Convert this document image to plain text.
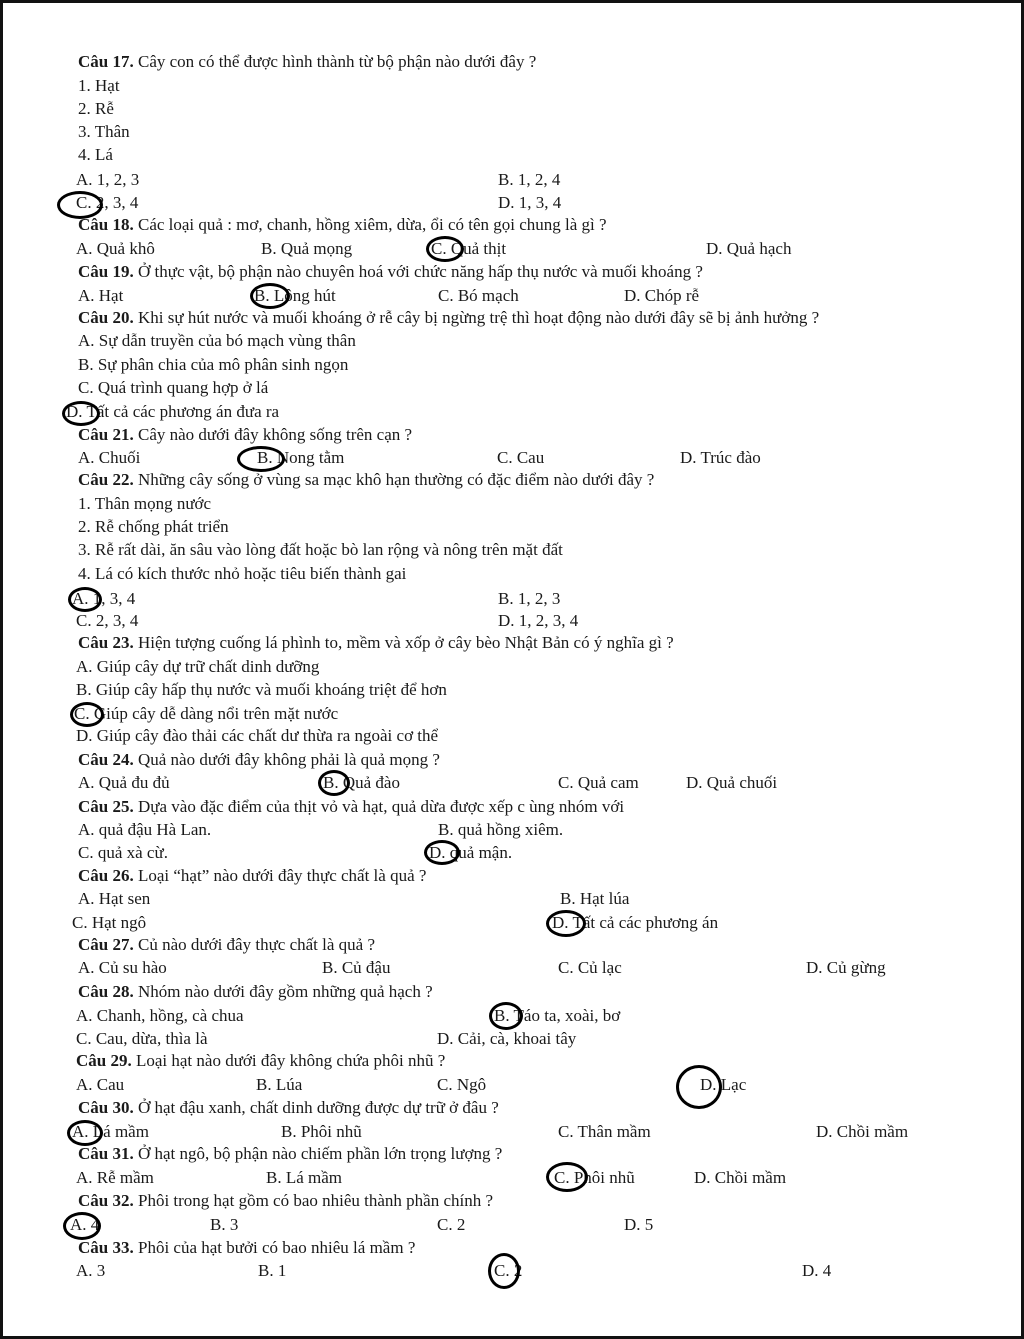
Câu 17. Cây con có thể được hình thành từ bộ phận nào dưới đây ?
1. Hạt
2. Rễ
3. Thân
4. Lá
A. 1, 2, 3	B. 1, 2, 4
C. 2, 3, 4	D. 1, 3, 4
Câu 18. Các loại quả : mơ, chanh, hồng xiêm, dừa, ổi có tên gọi chung là gì ?
A. Quả khô	B. Quả mọng	C. Quả thịt	D. Quả hạch
Câu 19. Ở thực vật, bộ phận nào chuyên hoá với chức năng hấp thụ nước và muối khoáng ?
A. Hạt	B. Lông hút	C. Bó mạch	D. Chóp rễ
Câu 20. Khi sự hút nước và muối khoáng ở rễ cây bị ngừng trệ thì hoạt động nào dưới đây sẽ bị ảnh hưởng ?
A. Sự dẫn truyền của bó mạch vùng thân
B. Sự phân chia của mô phân sinh ngọn
C. Quá trình quang hợp ở lá
D. Tất cả các phương án đưa ra
Câu 21. Cây nào dưới đây không sống trên cạn ?
A. Chuối	B. Nong tằm	C. Cau	D. Trúc đào
Câu 22. Những cây sống ở vùng sa mạc khô hạn thường có đặc điểm nào dưới đây ?
1. Thân mọng nước
2. Rễ chống phát triển
3. Rễ rất dài, ăn sâu vào lòng đất hoặc bò lan rộng và nông trên mặt đất
4. Lá có kích thước nhỏ hoặc tiêu biến thành gai
A. 1, 3, 4	B. 1, 2, 3
C. 2, 3, 4	D. 1, 2, 3, 4
Câu 23. Hiện tượng cuống lá phình to, mềm và xốp ở cây bèo Nhật Bản có ý nghĩa gì ?
A. Giúp cây dự trữ chất dinh dưỡng
B. Giúp cây hấp thụ nước và muối khoáng triệt để hơn
C. Giúp cây dễ dàng nổi trên mặt nước
D. Giúp cây đào thải các chất dư thừa ra ngoài cơ thể
Câu 24. Quả nào dưới đây không phải là quả mọng ?
A. Quả đu đủ	B. Quả đào	C. Quả cam	D. Quả chuối
Câu 25. Dựa vào đặc điểm của thịt vỏ và hạt, quả dừa được xếp c ùng nhóm với
A. quả đậu Hà Lan.	B. quả hồng xiêm.
C. quả xà cừ.	D. quả mận.
Câu 26. Loại “hạt” nào dưới đây thực chất là quả ?
A. Hạt sen	B. Hạt lúa
C. Hạt ngô	D. Tất cả các phương án
Câu 27. Củ nào dưới đây thực chất là quả ?
A. Củ su hào	B. Củ đậu	C. Củ lạc	D. Củ gừng
Câu 28. Nhóm nào dưới đây gồm những quả hạch ?
A. Chanh, hồng, cà chua	B. Táo ta, xoài, bơ
C. Cau, dừa, thìa là	D. Cải, cà, khoai tây
Câu 29. Loại hạt nào dưới đây không chứa phôi nhũ ?
A. Cau	B. Lúa	C. Ngô	D. Lạc
Câu 30. Ở hạt đậu xanh, chất dinh dưỡng được dự trữ ở đâu ?
A. Lá mầm	B. Phôi nhũ	C. Thân mầm	D. Chồi mầm
Câu 31. Ở hạt ngô, bộ phận nào chiếm phần lớn trọng lượng ?
A. Rễ mầm	B. Lá mầm	C. Phôi nhũ	D. Chồi mầm
Câu 32. Phôi trong hạt gồm có bao nhiêu thành phần chính ?
A. 4	B. 3	C. 2	D. 5
Câu 33. Phôi của hạt bưởi có bao nhiêu lá mầm ?
A. 3	B. 1	C. 2	D. 4
